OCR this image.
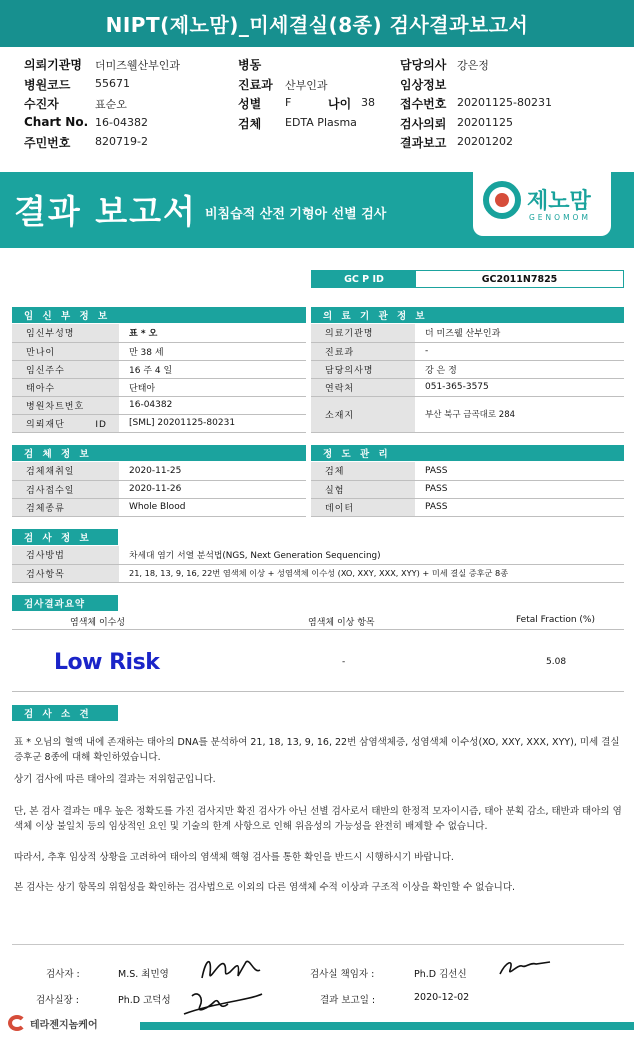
NIPT(제노맘)_미세결실(8종) 검사결과보고서
의뢰기관명 더미즈웰산부인과
병원코드 55671
수진자	표순오
Chart No. 16-04382
주민번호 820719-2
병동
진료과 산부인과
성별 F	나이 38
검체 EDTA Plasma
담당의사 강은정
임상정보
접수번호 20201125-80231
검사의뢰 20201125
결과보고 20201202
결과 보고서 비침습적 산전 기형아 선별 검사
제노맘
GENOMOM
GC P ID	GC2011N7825
임 신 부 정 보
임신부성명	표 * 오
만나이	만 38 세
임신주수	16 주 4 일
태아수	단태아
병원차트번호	16-04382
의뢰재단 ID	[SML] 20201125-80231
의 료 기 관 정 보
의료기관명	더 미즈웰 산부인과
진료과	-
담당의사명	강 은 정
연락처	051-365-3575
소재지	부산 북구 금곡대로 284
검 체 정 보
검체채취일	2020-11-25
검사접수일	2020-11-26
검체종류	Whole Blood
정 도 관 리
검체	PASS
실험	PASS
데이터	PASS
검 사 정 보
검사방법	차세대 염기 서열 분석법(NGS, Next Generation Sequencing)
검사항목	21, 18, 13, 9, 16, 22번 염색체 이상 + 성염색체 이수성 (XO, XXY, XXX, XYY) + 미세 결실 증후군 8종
검사결과요약
염색체 이수성	염색체 이상 항목	Fetal Fraction (%)
Low Risk	-	5.08
검 사 소 견
표 * 오님의 혈액 내에 존재하는 태아의 DNA를 분석하여 21, 18, 13, 9, 16, 22번 삼염색체증, 성염색체 이수성(XO, XXY, XXX, XYY), 미세 결실 증후군 8종에 대해 확인하였습니다.
상기 검사에 따른 태아의 결과는 저위험군입니다.
단, 본 검사 결과는 매우 높은 정확도를 가진 검사지만 확진 검사가 아닌 선별 검사로서 태반의 한정적 모자이시즘, 태아 분획 감소, 태반과 태아의 염색체 이상 불일치 등의 임상적인 요인 및 기술의 한계 사항으로 인해 위음성의 가능성을 완전히 배제할 수 없습니다.
따라서, 추후 임상적 상황을 고려하여 태아의 염색체 핵형 검사를 통한 확인을 반드시 시행하시기 바랍니다.
본 검사는 상기 항목의 위험성을 확인하는 검사법으로 이외의 다른 염색체 수적 이상과 구조적 이상을 확인할 수 없습니다.
검사자 :	M.S. 최민영
검사실장 :	Ph.D 고덕성
검사실 책임자 :	Ph.D 김선신
결과 보고일 :	2020-12-02
테라젠지놈케어
